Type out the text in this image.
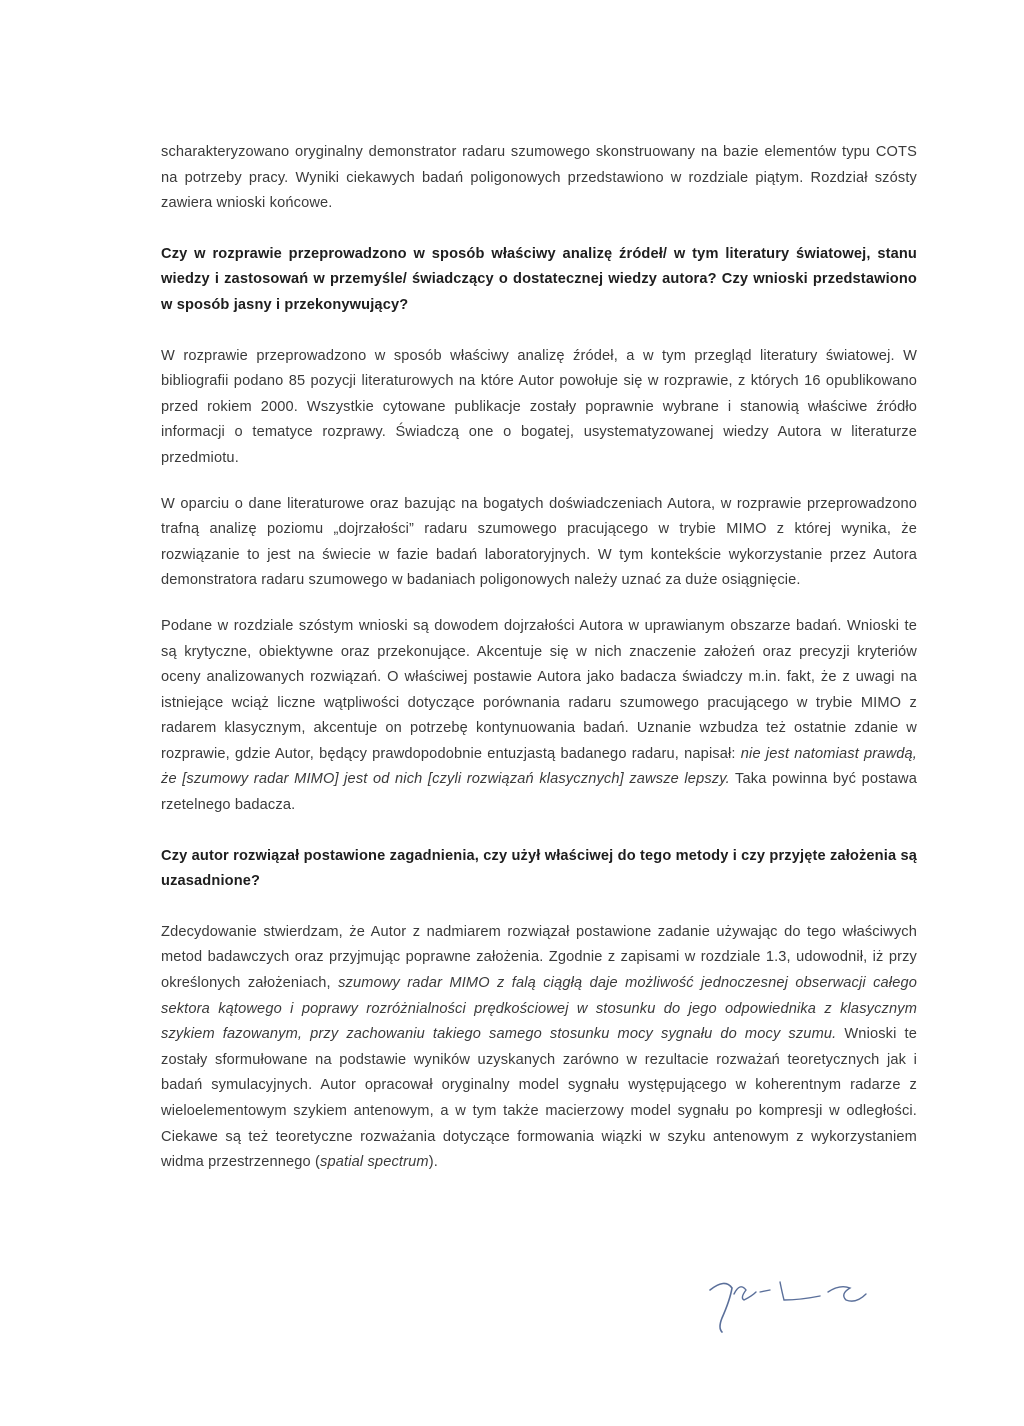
scharakteryzowano oryginalny demonstrator radaru szumowego skonstruowany na bazie elementów typu COTS na potrzeby pracy. Wyniki ciekawych badań poligonowych przedstawiono w rozdziale piątym. Rozdział szósty zawiera wnioski końcowe.

Czy w rozprawie przeprowadzono w sposób właściwy analizę źródeł/ w tym literatury światowej, stanu wiedzy i zastosowań w przemyśle/ świadczący o dostatecznej wiedzy autora? Czy wnioski przedstawiono w sposób jasny i przekonywujący?

W rozprawie przeprowadzono w sposób właściwy analizę źródeł, a w tym przegląd literatury światowej. W bibliografii podano 85 pozycji literaturowych na które Autor powołuje się w rozprawie, z których 16 opublikowano przed rokiem 2000. Wszystkie cytowane publikacje zostały poprawnie wybrane i stanowią właściwe źródło informacji o tematyce rozprawy. Świadczą one o bogatej, usystematyzowanej wiedzy Autora w literaturze przedmiotu.

W oparciu o dane literaturowe oraz bazując na bogatych doświadczeniach Autora, w rozprawie przeprowadzono trafną analizę poziomu „dojrzałości” radaru szumowego pracującego w trybie MIMO z której wynika, że rozwiązanie to jest na świecie w fazie badań laboratoryjnych. W tym kontekście wykorzystanie przez Autora demonstratora radaru szumowego w badaniach poligonowych należy uznać za duże osiągnięcie.

Podane w rozdziale szóstym wnioski są dowodem dojrzałości Autora w uprawianym obszarze badań. Wnioski te są krytyczne, obiektywne oraz przekonujące. Akcentuje się w nich znaczenie założeń oraz precyzji kryteriów oceny analizowanych rozwiązań. O właściwej postawie Autora jako badacza świadczy m.in. fakt, że z uwagi na istniejące wciąż liczne wątpliwości dotyczące porównania radaru szumowego pracującego w trybie MIMO z radarem klasycznym, akcentuje on potrzebę kontynuowania badań. Uznanie wzbudza też ostatnie zdanie w rozprawie, gdzie Autor, będący prawdopodobnie entuzjastą badanego radaru, napisał: nie jest natomiast prawdą, że [szumowy radar MIMO] jest od nich [czyli rozwiązań klasycznych] zawsze lepszy. Taka powinna być postawa rzetelnego badacza.

Czy autor rozwiązał postawione zagadnienia, czy użył właściwej do tego metody i czy przyjęte założenia są uzasadnione?

Zdecydowanie stwierdzam, że Autor z nadmiarem rozwiązał postawione zadanie używając do tego właściwych metod badawczych oraz przyjmując poprawne założenia. Zgodnie z zapisami w rozdziale 1.3, udowodnił, iż przy określonych założeniach, szumowy radar MIMO z falą ciągłą daje możliwość jednoczesnej obserwacji całego sektora kątowego i poprawy rozróżnialności prędkościowej w stosunku do jego odpowiednika z klasycznym szykiem fazowanym, przy zachowaniu takiego samego stosunku mocy sygnału do mocy szumu. Wnioski te zostały sformułowane na podstawie wyników uzyskanych zarówno w rezultacie rozważań teoretycznych jak i badań symulacyjnych. Autor opracował oryginalny model sygnału występującego w koherentnym radarze z wieloelementowym szykiem antenowym, a w tym także macierzowy model sygnału po kompresji w odległości. Ciekawe są też teoretyczne rozważania dotyczące formowania wiązki w szyku antenowym z wykorzystaniem widma przestrzennego (spatial spectrum).
